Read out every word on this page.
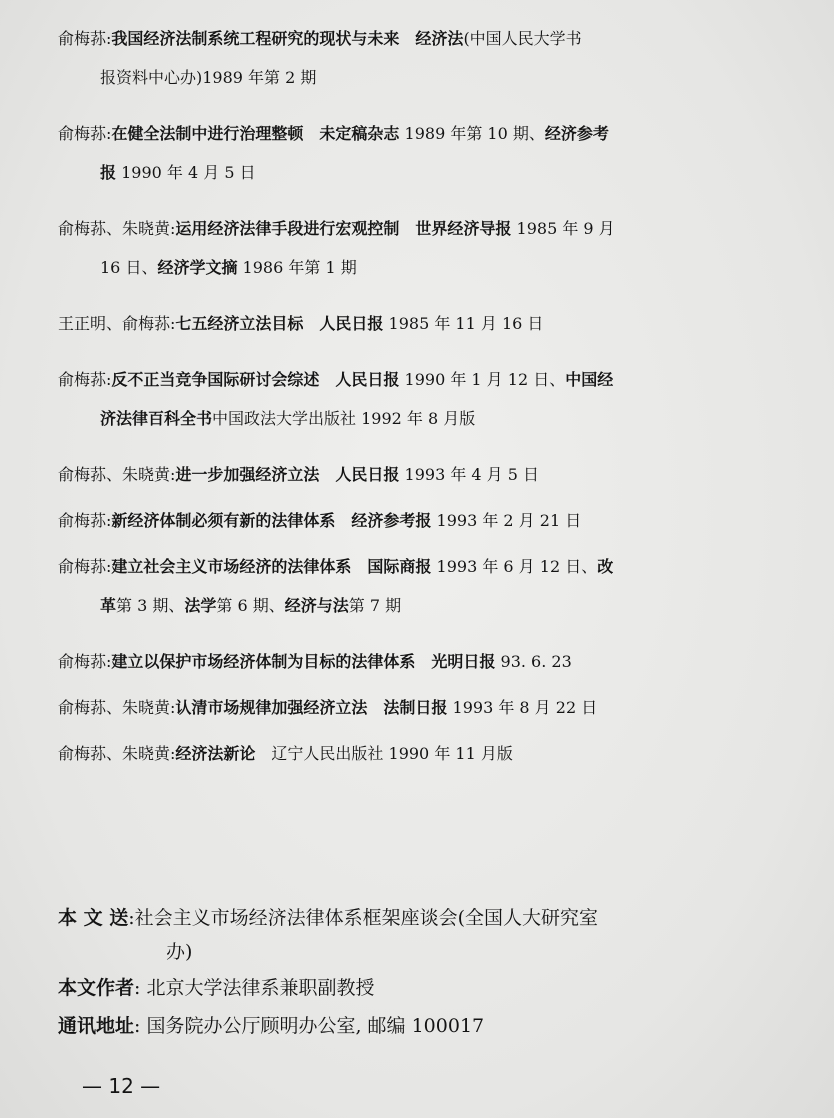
俞梅荪:我国经济法制系统工程研究的现状与未来 经济法(中国人民大学书
报资料中心办)1989 年第 2 期
俞梅荪:在健全法制中进行治理整顿 未定稿杂志 1989 年第 10 期、经济参考
报 1990 年 4 月 5 日
俞梅荪、朱晓黄:运用经济法律手段进行宏观控制 世界经济导报 1985 年 9 月
16 日、经济学文摘 1986 年第 1 期
王正明、俞梅荪:七五经济立法目标 人民日报 1985 年 11 月 16 日
俞梅荪:反不正当竞争国际研讨会综述 人民日报 1990 年 1 月 12 日、中国经
济法律百科全书中国政法大学出版社 1992 年 8 月版
俞梅荪、朱晓黄:进一步加强经济立法 人民日报 1993 年 4 月 5 日
俞梅荪:新经济体制必须有新的法律体系 经济参考报 1993 年 2 月 21 日
俞梅荪:建立社会主义市场经济的法律体系 国际商报 1993 年 6 月 12 日、改
革第 3 期、法学第 6 期、经济与法第 7 期
俞梅荪:建立以保护市场经济体制为目标的法律体系 光明日报 93. 6. 23
俞梅荪、朱晓黄:认清市场规律加强经济立法 法制日报 1993 年 8 月 22 日
俞梅荪、朱晓黄:经济法新论 辽宁人民出版社 1990 年 11 月版
本 文 送:社会主义市场经济法律体系框架座谈会(全国人大研究室
办)
本文作者: 北京大学法律系兼职副教授
通讯地址: 国务院办公厅顾明办公室, 邮编 100017
— 12 —
